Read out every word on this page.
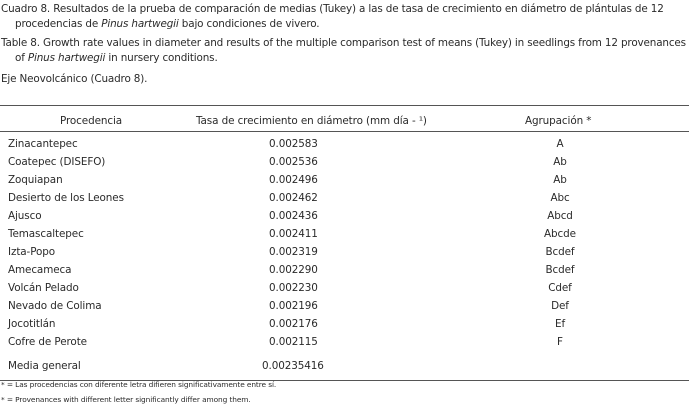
Cuadro 8. Resultados de la prueba de comparación de medias (Tukey) a las de tasa de crecimiento en diámetro de plántulas de 12
procedencias de Pinus hartwegii bajo condiciones de vivero.
Table 8. Growth rate values in diameter and results of the multiple comparison test of means (Tukey) in seedlings from 12 provenances
of Pinus hartwegii in nursery conditions.
Eje Neovolcánico (Cuadro 8).
Procedencia	Tasa de crecimiento en diámetro (mm día - ¹)	Agrupación *
Zinacantepec	0.002583	A
Coatepec (DISEFO)	0.002536	Ab
Zoquiapan	0.002496	Ab
Desierto de los Leones	0.002462	Abc
Ajusco	0.002436	Abcd
Temascaltepec	0.002411	Abcde
Izta-Popo	0.002319	Bcdef
Amecameca	0.002290	Bcdef
Volcán Pelado	0.002230	Cdef
Nevado de Colima	0.002196	Def
Jocotitlán	0.002176	Ef
Cofre de Perote	0.002115	F
Media general	0.00235416
* = Las procedencias con diferente letra difieren significativamente entre sí.
* = Provenances with different letter significantly differ among them.
